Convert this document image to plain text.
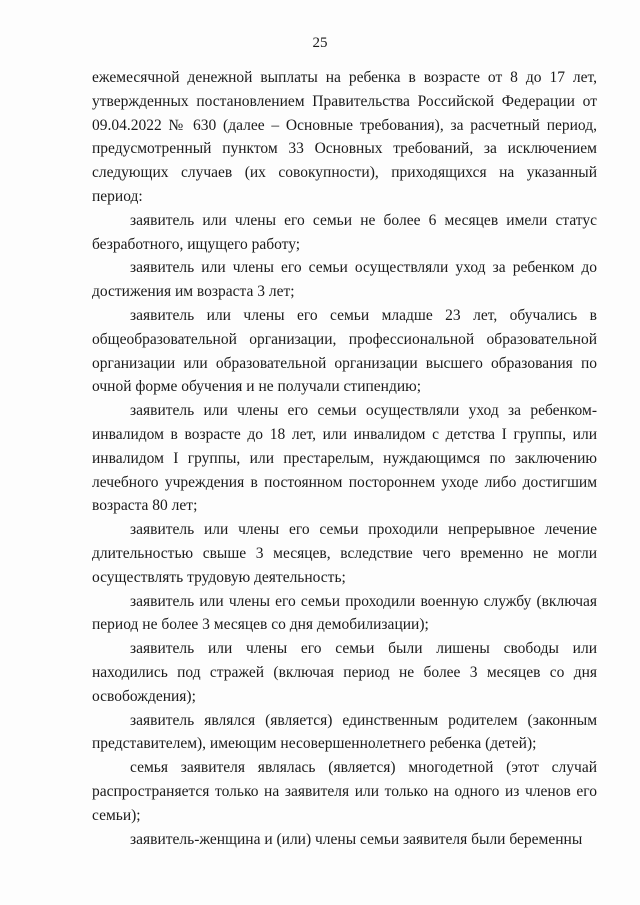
25

ежемесячной денежной выплаты на ребенка в возрасте от 8 до 17 лет, утвержденных постановлением Правительства Российской Федерации от 09.04.2022 № 630 (далее – Основные требования), за расчетный период, предусмотренный пунктом 33 Основных требований, за исключением следующих случаев (их совокупности), приходящихся на указанный период:

заявитель или члены его семьи не более 6 месяцев имели статус безработного, ищущего работу;

заявитель или члены его семьи осуществляли уход за ребенком до достижения им возраста 3 лет;

заявитель или члены его семьи младше 23 лет, обучались в общеобразовательной организации, профессиональной образовательной организации или образовательной организации высшего образования по очной форме обучения и не получали стипендию;

заявитель или члены его семьи осуществляли уход за ребенком-инвалидом в возрасте до 18 лет, или инвалидом с детства I группы, или инвалидом I группы, или престарелым, нуждающимся по заключению лечебного учреждения в постоянном постороннем уходе либо достигшим возраста 80 лет;

заявитель или члены его семьи проходили непрерывное лечение длительностью свыше 3 месяцев, вследствие чего временно не могли осуществлять трудовую деятельность;

заявитель или члены его семьи проходили военную службу (включая период не более 3 месяцев со дня демобилизации);

заявитель или члены его семьи были лишены свободы или находились под стражей (включая период не более 3 месяцев со дня освобождения);

заявитель являлся (является) единственным родителем (законным представителем), имеющим несовершеннолетнего ребенка (детей);

семья заявителя являлась (является) многодетной (этот случай распространяется только на заявителя или только на одного из членов его семьи);

заявитель-женщина и (или) члены семьи заявителя были беременны
